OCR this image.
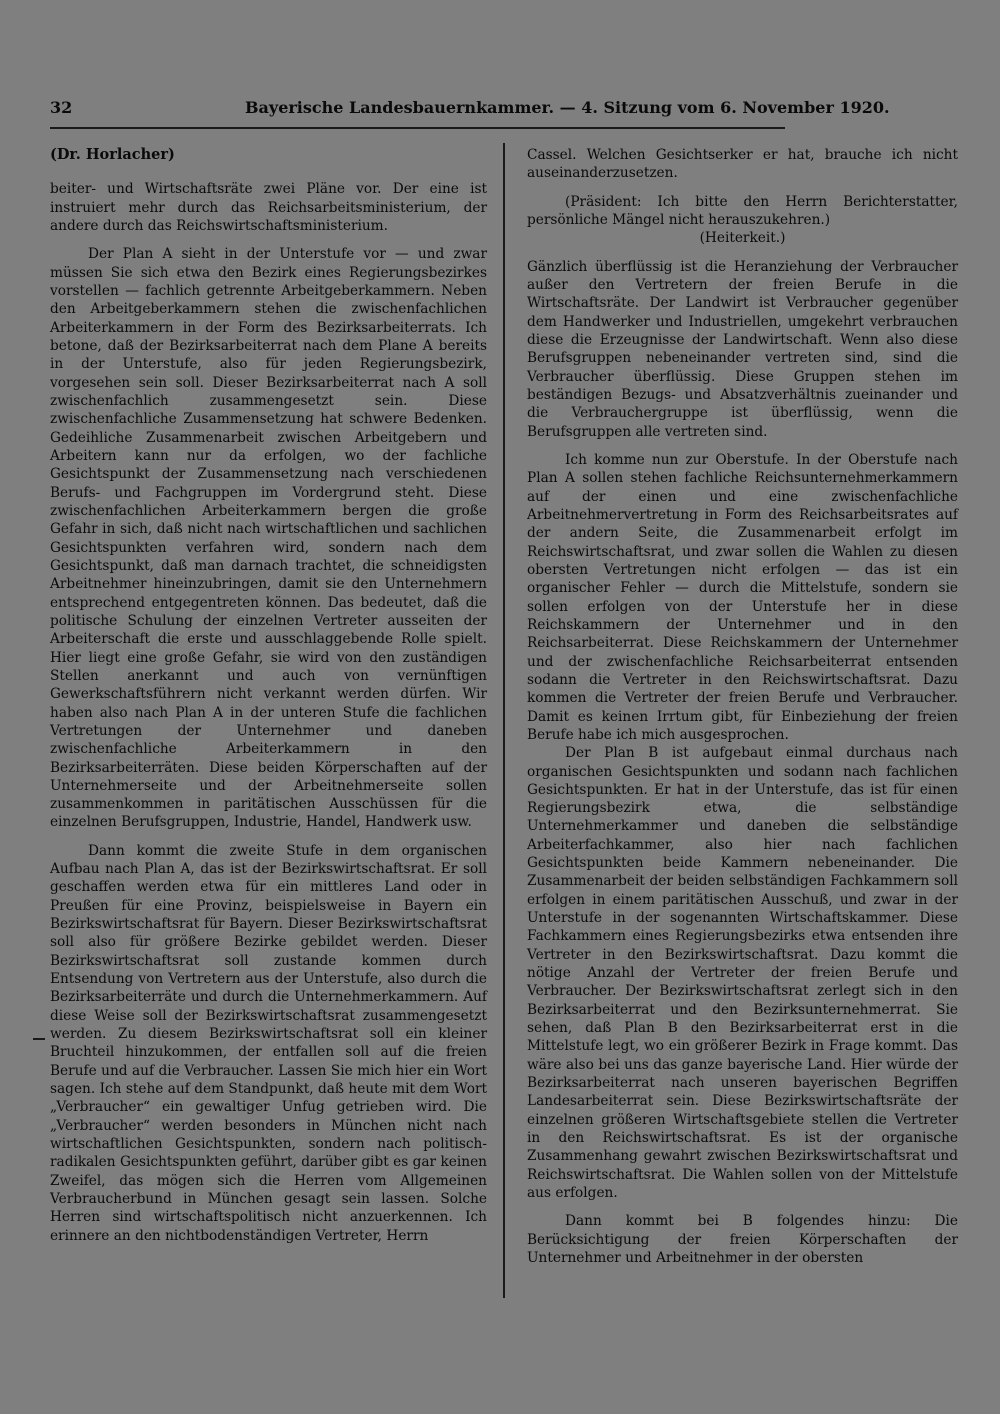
32	Bayerische Landesbauernkammer. — 4. Sitzung vom 6. November 1920.

(Dr. Horlacher)

beiter- und Wirtschaftsräte zwei Pläne vor. Der eine ist instruiert mehr durch das Reichsarbeitsministerium, der andere durch das Reichswirtschaftsministerium.

Der Plan A sieht in der Unterstufe vor — und zwar müssen Sie sich etwa den Bezirk eines Regierungsbezirkes vorstellen — fachlich getrennte Arbeitgeberkammern. Neben den Arbeitgeberkammern stehen die zwischenfachlichen Arbeiterkammern in der Form des Bezirksarbeiterrats. Ich betone, daß der Bezirksarbeiterrat nach dem Plane A bereits in der Unterstufe, also für jeden Regierungsbezirk, vorgesehen sein soll. Dieser Bezirksarbeiterrat nach A soll zwischenfachlich zusammengesetzt sein. Diese zwischenfachliche Zusammensetzung hat schwere Bedenken. Gedeihliche Zusammenarbeit zwischen Arbeitgebern und Arbeitern kann nur da erfolgen, wo der fachliche Gesichtspunkt der Zusammensetzung nach verschiedenen Berufs- und Fachgruppen im Vordergrund steht. Diese zwischenfachlichen Arbeiterkammern bergen die große Gefahr in sich, daß nicht nach wirtschaftlichen und sachlichen Gesichtspunkten verfahren wird, sondern nach dem Gesichtspunkt, daß man darnach trachtet, die schneidigsten Arbeitnehmer hineinzubringen, damit sie den Unternehmern entsprechend entgegentreten können. Das bedeutet, daß die politische Schulung der einzelnen Vertreter ausseiten der Arbeiterschaft die erste und ausschlaggebende Rolle spielt. Hier liegt eine große Gefahr, sie wird von den zuständigen Stellen anerkannt und auch von vernünftigen Gewerkschaftsführern nicht verkannt werden dürfen. Wir haben also nach Plan A in der unteren Stufe die fachlichen Vertretungen der Unternehmer und daneben zwischenfachliche Arbeiterkammern in den Bezirksarbeiterräten. Diese beiden Körperschaften auf der Unternehmerseite und der Arbeitnehmerseite sollen zusammenkommen in paritätischen Ausschüssen für die einzelnen Berufsgruppen, Industrie, Handel, Handwerk usw.

Dann kommt die zweite Stufe in dem organischen Aufbau nach Plan A, das ist der Bezirkswirtschaftsrat. Er soll geschaffen werden etwa für ein mittleres Land oder in Preußen für eine Provinz, beispielsweise in Bayern ein Bezirkswirtschaftsrat für Bayern. Dieser Bezirkswirtschaftsrat soll also für größere Bezirke gebildet werden. Dieser Bezirkswirtschaftsrat soll zustande kommen durch Entsendung von Vertretern aus der Unterstufe, also durch die Bezirksarbeiterräte und durch die Unternehmerkammern. Auf diese Weise soll der Bezirkswirtschaftsrat zusammengesetzt werden. Zu diesem Bezirkswirtschaftsrat soll ein kleiner Bruchteil hinzukommen, der entfallen soll auf die freien Berufe und auf die Verbraucher. Lassen Sie mich hier ein Wort sagen. Ich stehe auf dem Standpunkt, daß heute mit dem Wort „Verbraucher“ ein gewaltiger Unfug getrieben wird. Die „Verbraucher“ werden besonders in München nicht nach wirtschaftlichen Gesichtspunkten, sondern nach politisch-radikalen Gesichtspunkten geführt, darüber gibt es gar keinen Zweifel, das mögen sich die Herren vom Allgemeinen Verbraucherbund in München gesagt sein lassen. Solche Herren sind wirtschaftspolitisch nicht anzuerkennen. Ich erinnere an den nichtbodenständigen Vertreter, Herrn

Cassel. Welchen Gesichtserker er hat, brauche ich nicht auseinanderzusetzen.

(Präsident: Ich bitte den Herrn Berichterstatter, persönliche Mängel nicht herauszukehren.)

(Heiterkeit.)

Gänzlich überflüssig ist die Heranziehung der Verbraucher außer den Vertretern der freien Berufe in die Wirtschaftsräte. Der Landwirt ist Verbraucher gegenüber dem Handwerker und Industriellen, umgekehrt verbrauchen diese die Erzeugnisse der Landwirtschaft. Wenn also diese Berufsgruppen nebeneinander vertreten sind, sind die Verbraucher überflüssig. Diese Gruppen stehen im beständigen Bezugs- und Absatzverhältnis zueinander und die Verbrauchergruppe ist überflüssig, wenn die Berufsgruppen alle vertreten sind.

Ich komme nun zur Oberstufe. In der Oberstufe nach Plan A sollen stehen fachliche Reichsunternehmerkammern auf der einen und eine zwischenfachliche Arbeitnehmervertretung in Form des Reichsarbeitsrates auf der andern Seite, die Zusammenarbeit erfolgt im Reichswirtschaftsrat, und zwar sollen die Wahlen zu diesen obersten Vertretungen nicht erfolgen — das ist ein organischer Fehler — durch die Mittelstufe, sondern sie sollen erfolgen von der Unterstufe her in diese Reichskammern der Unternehmer und in den Reichsarbeiterrat. Diese Reichskammern der Unternehmer und der zwischenfachliche Reichsarbeiterrat entsenden sodann die Vertreter in den Reichswirtschaftsrat. Dazu kommen die Vertreter der freien Berufe und Verbraucher. Damit es keinen Irrtum gibt, für Einbeziehung der freien Berufe habe ich mich ausgesprochen.

Der Plan B ist aufgebaut einmal durchaus nach organischen Gesichtspunkten und sodann nach fachlichen Gesichtspunkten. Er hat in der Unterstufe, das ist für einen Regierungsbezirk etwa, die selbständige Unternehmerkammer und daneben die selbständige Arbeiterfachkammer, also hier nach fachlichen Gesichtspunkten beide Kammern nebeneinander. Die Zusammenarbeit der beiden selbständigen Fachkammern soll erfolgen in einem paritätischen Ausschuß, und zwar in der Unterstufe in der sogenannten Wirtschaftskammer. Diese Fachkammern eines Regierungsbezirks etwa entsenden ihre Vertreter in den Bezirkswirtschaftsrat. Dazu kommt die nötige Anzahl der Vertreter der freien Berufe und Verbraucher. Der Bezirkswirtschaftsrat zerlegt sich in den Bezirksarbeiterrat und den Bezirksunternehmerrat. Sie sehen, daß Plan B den Bezirksarbeiterrat erst in die Mittelstufe legt, wo ein größerer Bezirk in Frage kommt. Das wäre also bei uns das ganze bayerische Land. Hier würde der Bezirksarbeiterrat nach unseren bayerischen Begriffen Landesarbeiterrat sein. Diese Bezirkswirtschaftsräte der einzelnen größeren Wirtschaftsgebiete stellen die Vertreter in den Reichswirtschaftsrat. Es ist der organische Zusammenhang gewahrt zwischen Bezirkswirtschaftsrat und Reichswirtschaftsrat. Die Wahlen sollen von der Mittelstufe aus erfolgen.

Dann kommt bei B folgendes hinzu: Die Berücksichtigung der freien Körperschaften der Unternehmer und Arbeitnehmer in der obersten
